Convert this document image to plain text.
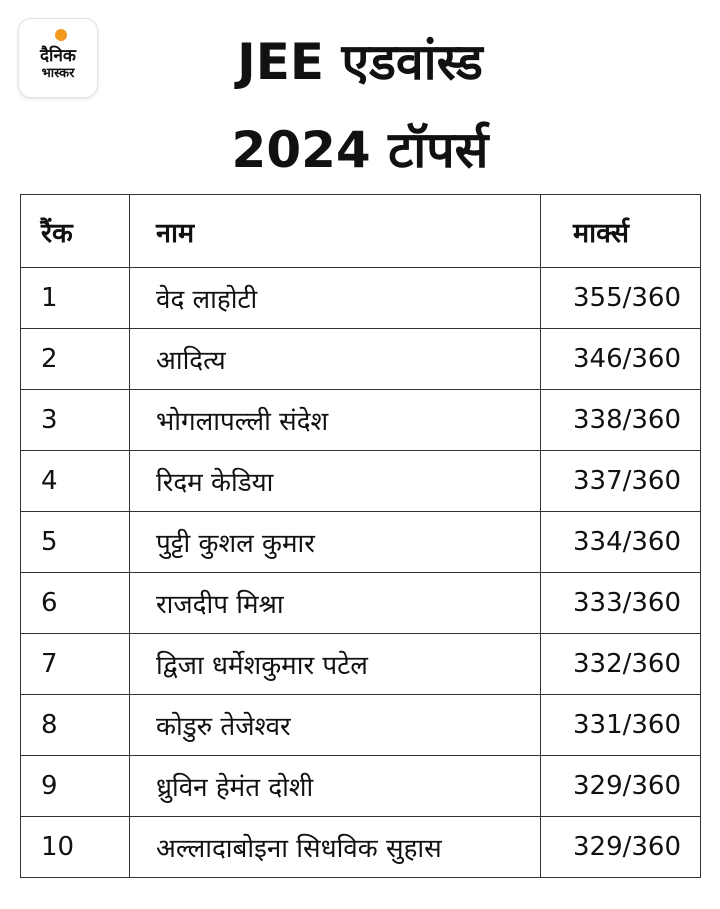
दैनिक
भास्कर	JEE एडवांस्ड
2024 टॉपर्स
रैंक	नाम	मार्क्स
1	वेद लाहोटी	355/360
2	आदित्य	346/360
3	भोगलापल्ली संदेश	338/360
4	रिदम केडिया	337/360
5	पुट्टी कुशल कुमार	334/360
6	राजदीप मिश्रा	333/360
7	द्विजा धर्मेशकुमार पटेल	332/360
8	कोडुरु तेजेश्वर	331/360
9	ध्रुविन हेमंत दोशी	329/360
10	अल्लादाबोइना सिधविक सुहास	329/360
